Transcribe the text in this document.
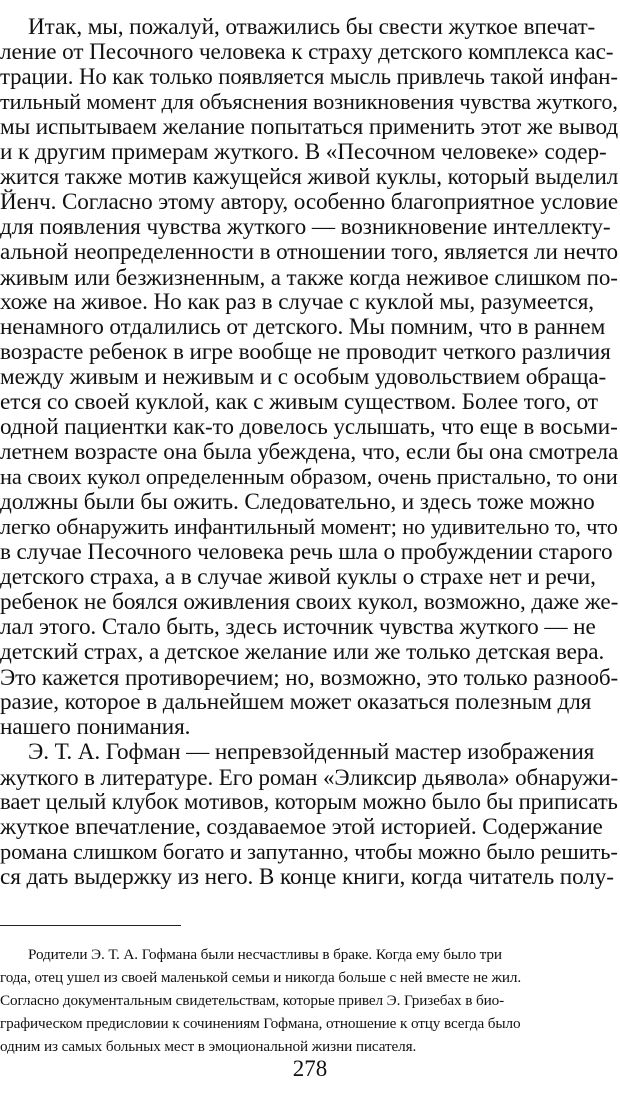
Итак, мы, пожалуй, отважились бы свести жуткое впечат-
ление от Песочного человека к страху детского комплекса кас-
трации. Но как только появляется мысль привлечь такой инфан-
тильный момент для объяснения возникновения чувства жуткого,
мы испытываем желание попытаться применить этот же вывод
и к другим примерам жуткого. В «Песочном человеке» содер-
жится также мотив кажущейся живой куклы, который выделил
Йенч. Согласно этому автору, особенно благоприятное условие
для появления чувства жуткого — возникновение интеллекту-
альной неопределенности в отношении того, является ли нечто
живым или безжизненным, а также когда неживое слишком по-
хоже на живое. Но как раз в случае с куклой мы, разумеется,
ненамного отдалились от детского. Мы помним, что в раннем
возрасте ребенок в игре вообще не проводит четкого различия
между живым и неживым и с особым удовольствием обраща-
ется со своей куклой, как с живым существом. Более того, от
одной пациентки как-то довелось услышать, что еще в восьми-
летнем возрасте она была убеждена, что, если бы она смотрела
на своих кукол определенным образом, очень пристально, то они
должны были бы ожить. Следовательно, и здесь тоже можно
легко обнаружить инфантильный момент; но удивительно то, что
в случае Песочного человека речь шла о пробуждении старого
детского страха, а в случае живой куклы о страхе нет и речи,
ребенок не боялся оживления своих кукол, возможно, даже же-
лал этого. Стало быть, здесь источник чувства жуткого — не
детский страх, а детское желание или же только детская вера.
Это кажется противоречием; но, возможно, это только разнооб-
разие, которое в дальнейшем может оказаться полезным для
нашего понимания.
Э. Т. А. Гофман — непревзойденный мастер изображения
жуткого в литературе. Его роман «Эликсир дьявола» обнаружи-
вает целый клубок мотивов, которым можно было бы приписать
жуткое впечатление, создаваемое этой историей. Содержание
романа слишком богато и запутанно, чтобы можно было решить-
ся дать выдержку из него. В конце книги, когда читатель полу-
Родители Э. Т. А. Гофмана были несчастливы в браке. Когда ему было три
года, отец ушел из своей маленькой семьи и никогда больше с ней вместе не жил.
Согласно документальным свидетельствам, которые привел Э. Гризебах в био-
графическом предисловии к сочинениям Гофмана, отношение к отцу всегда было
одним из самых больных мест в эмоциональной жизни писателя.
278
